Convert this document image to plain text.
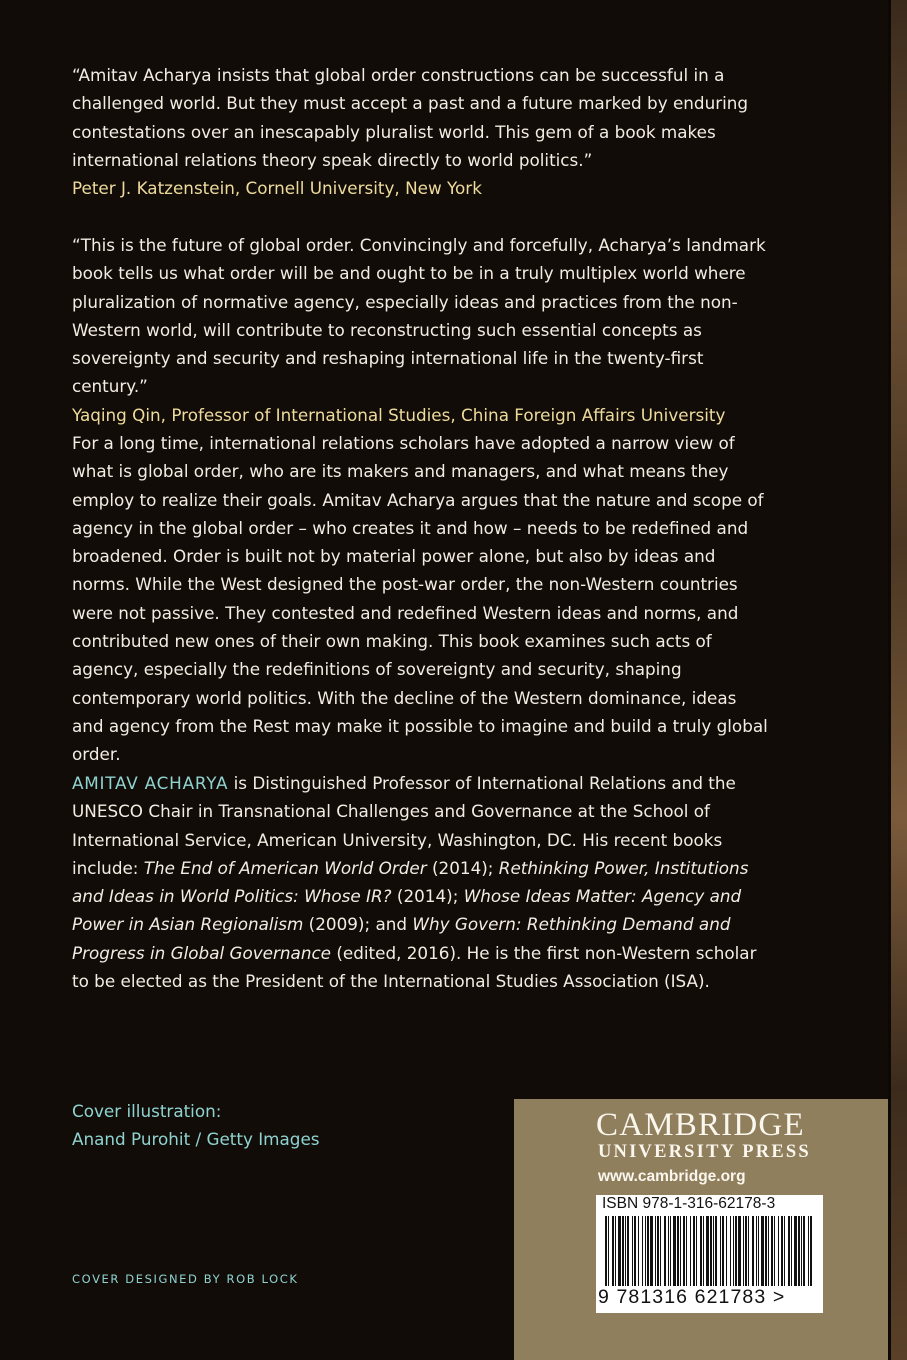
“Amitav Acharya insists that global order constructions can be successful in a challenged world. But they must accept a past and a future marked by enduring contestations over an inescapably pluralist world. This gem of a book makes international relations theory speak directly to world politics.”
Peter J. Katzenstein, Cornell University, New York
“This is the future of global order. Convincingly and forcefully, Acharya’s landmark book tells us what order will be and ought to be in a truly multiplex world where pluralization of normative agency, especially ideas and practices from the non-Western world, will contribute to reconstructing such essential concepts as sovereignty and security and reshaping international life in the twenty-first century.”
Yaqing Qin, Professor of International Studies, China Foreign Affairs University
For a long time, international relations scholars have adopted a narrow view of what is global order, who are its makers and managers, and what means they employ to realize their goals. Amitav Acharya argues that the nature and scope of agency in the global order – who creates it and how – needs to be redefined and broadened. Order is built not by material power alone, but also by ideas and norms. While the West designed the post-war order, the non-Western countries were not passive. They contested and redefined Western ideas and norms, and contributed new ones of their own making. This book examines such acts of agency, especially the redefinitions of sovereignty and security, shaping contemporary world politics. With the decline of the Western dominance, ideas and agency from the Rest may make it possible to imagine and build a truly global order.
AMITAV ACHARYA is Distinguished Professor of International Relations and the UNESCO Chair in Transnational Challenges and Governance at the School of International Service, American University, Washington, DC. His recent books include: The End of American World Order (2014); Rethinking Power, Institutions and Ideas in World Politics: Whose IR? (2014); Whose Ideas Matter: Agency and Power in Asian Regionalism (2009); and Why Govern: Rethinking Demand and Progress in Global Governance (edited, 2016). He is the first non-Western scholar to be elected as the President of the International Studies Association (ISA).
Cover illustration:
Anand Purohit / Getty Images
COVER DESIGNED BY ROB LOCK
CAMBRIDGE
UNIVERSITY PRESS
www.cambridge.org
ISBN 978-1-316-62178-3
9 781316 621783 >
